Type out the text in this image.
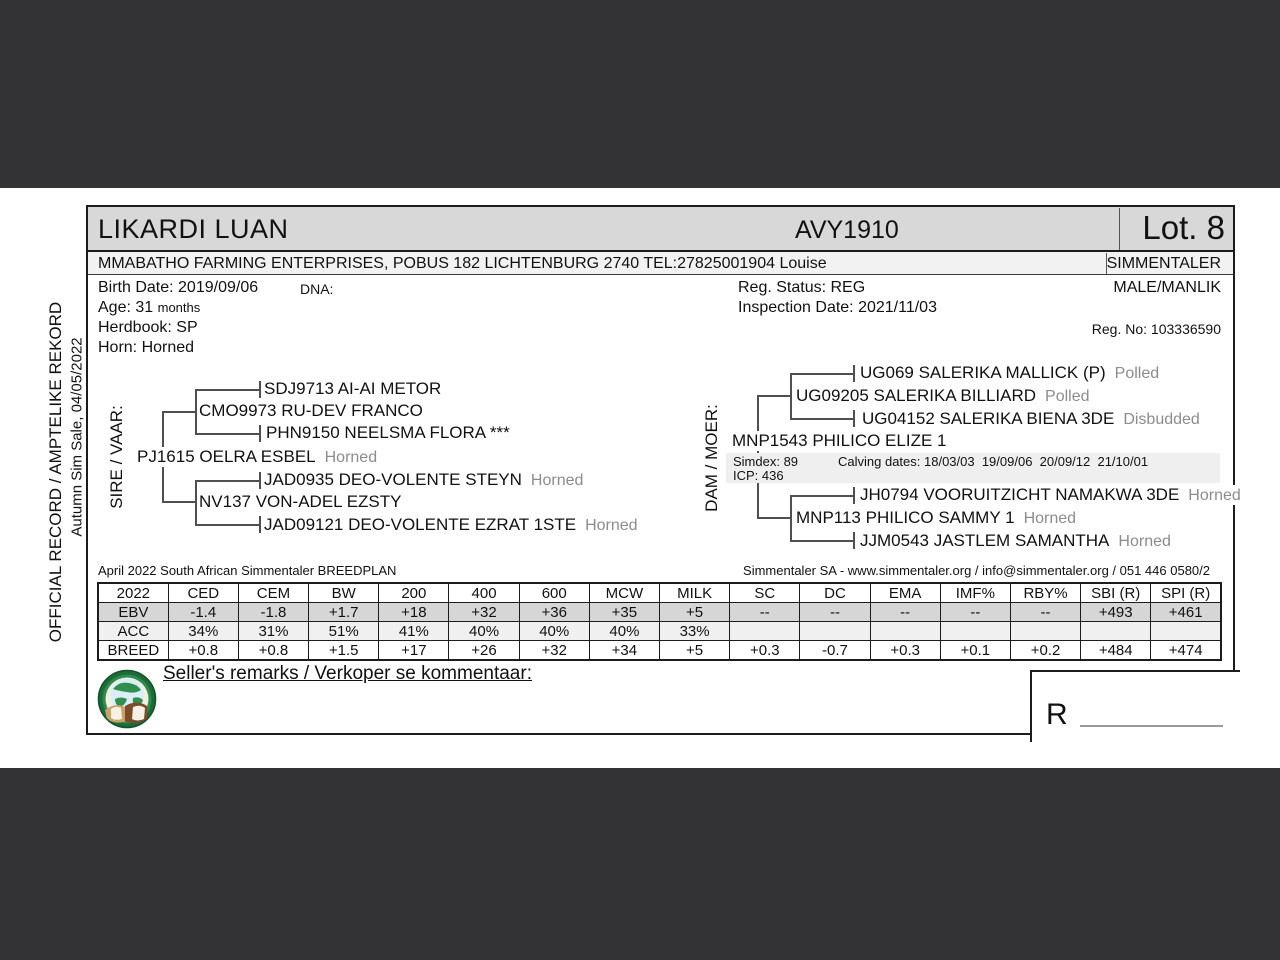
LIKARDI LUAN	AVY1910	Lot. 8
MMABATHO FARMING ENTERPRISES, POBUS 182 LICHTENBURG 2740 TEL:27825001904 Louise	SIMMENTALER
Birth Date: 2019/09/06	DNA:
Age: 31 months
Herdbook: SP
Horn: Horned
Reg. Status: REG
Inspection Date: 2021/11/03
MALE/MANLIK
Reg. No: 103336590
OFFICIAL RECORD / AMPTELIKE REKORD Autumn Sim Sale, 04/05/2022 SIRE / VAAR:	DAM / MOER: Simdex: 89	Calving dates: 18/03/03  19/09/06  20/09/12  21/10/01
ICP: 436
SDJ9713 AI-AI METOR
CMO9973 RU-DEV FRANCO
PHN9150 NEELSMA FLORA ***
PJ1615 OELRA ESBEL Horned
JAD0935 DEO-VOLENTE STEYN Horned
NV137 VON-ADEL EZSTY
JAD09121 DEO-VOLENTE EZRAT 1STE Horned
UG069 SALERIKA MALLICK (P) Polled
UG09205 SALERIKA BILLIARD Polled
UG04152 SALERIKA BIENA 3DE Disbudded
MNP1543 PHILICO ELIZE 1
JH0794 VOORUITZICHT NAMAKWA 3DE Horned
MNP113 PHILICO SAMMY 1 Horned
JJM0543 JASTLEM SAMANTHA Horned
April 2022 South African Simmentaler BREEDPLAN	Simmentaler SA - www.simmentaler.org / info@simmentaler.org / 051 446 0580/2
2022	CED	CEM	BW	200	400	600	MCW	MILK	SC	DC	EMA	IMF%	RBY%	SBI (R)	SPI (R)
EBV	-1.4	-1.8	+1.7	+18	+32	+36	+35	+5	--	--	--	--	--	+493	+461
ACC	34%	31%	51%	41%	40%	40%	40%	33%							
BREED	+0.8	+0.8	+1.5	+17	+26	+32	+34	+5	+0.3	-0.7	+0.3	+0.1	+0.2	+484	+474
Seller's remarks / Verkoper se kommentaar:
R
